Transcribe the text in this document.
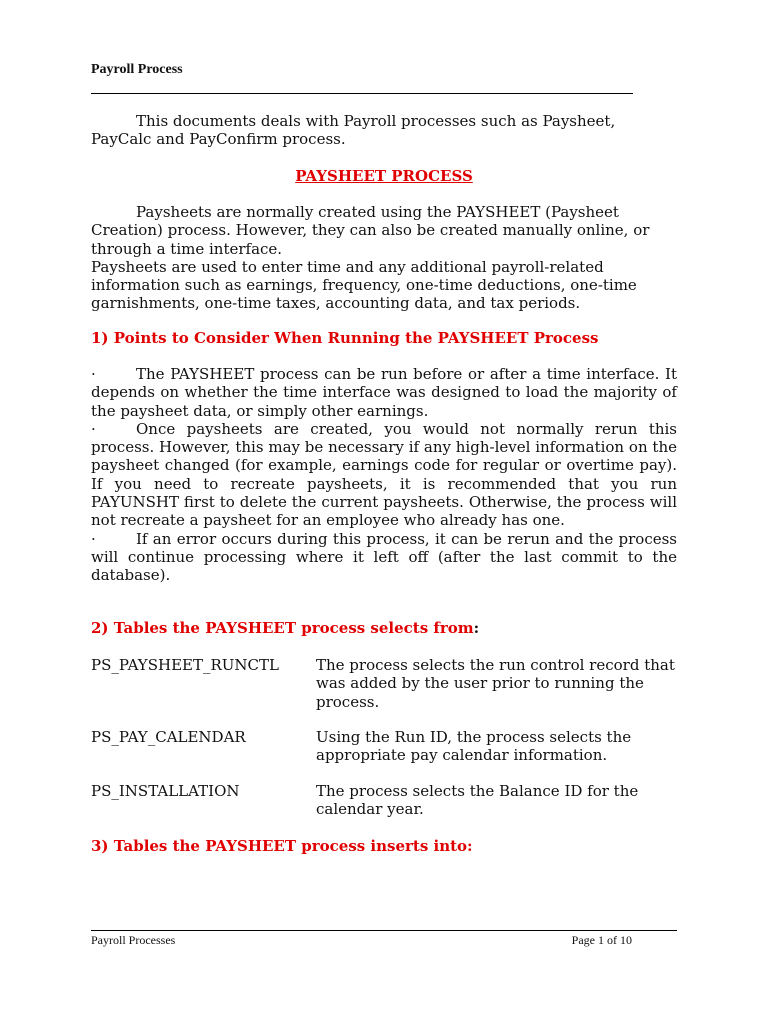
Payroll Process

This documents deals with Payroll processes such as Paysheet, PayCalc and PayConfirm process.

PAYSHEET PROCESS

Paysheets are normally created using the PAYSHEET (Paysheet Creation) process. However, they can also be created manually online, or through a time interface.

Paysheets are used to enter time and any additional payroll-related information such as earnings, frequency, one-time deductions, one-time garnishments, one-time taxes, accounting data, and tax periods.

1) Points to Consider When Running the PAYSHEET Process

·	The PAYSHEET process can be run before or after a time interface. It depends on whether the time interface was designed to load the majority of the paysheet data, or simply other earnings.

·	Once paysheets are created, you would not normally rerun this process. However, this may be necessary if any high-level information on the paysheet changed (for example, earnings code for regular or overtime pay). If you need to recreate paysheets, it is recommended that you run PAYUNSHT first to delete the current paysheets. Otherwise, the process will not recreate a paysheet for an employee who already has one.

·	If an error occurs during this process, it can be rerun and the process will continue processing where it left off (after the last commit to the database).

2) Tables the PAYSHEET process selects from:
PS_PAYSHEET_RUNCTL The process selects the run control record that was added by the user prior to running the process.
PS_PAY_CALENDAR	Using the Run ID, the process selects the appropriate pay calendar information.
PS_INSTALLATION	The process selects the Balance ID for the calendar year.
3) Tables the PAYSHEET process inserts into:
Payroll Processes	Page 1 of 10
